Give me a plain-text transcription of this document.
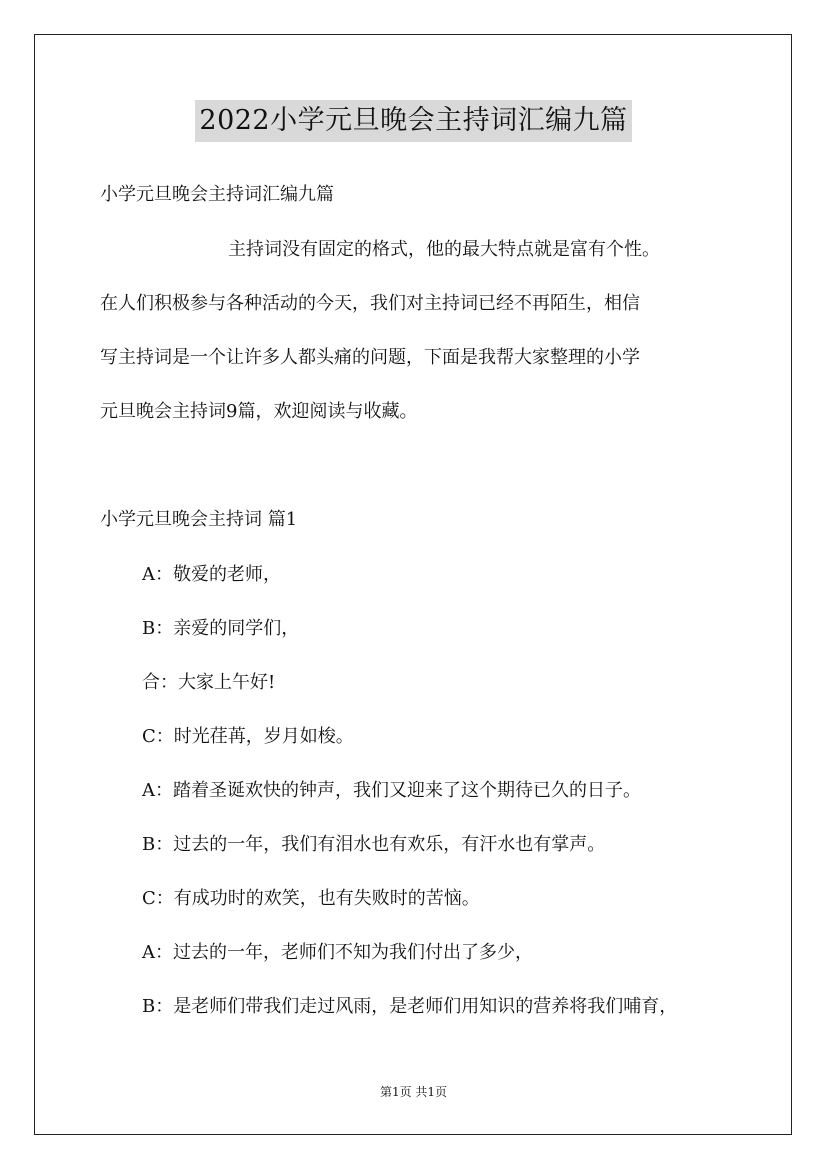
2022小学元旦晚会主持词汇编九篇
小学元旦晚会主持词汇编九篇
主持词没有固定的格式，他的最大特点就是富有个性。
在人们积极参与各种活动的今天，我们对主持词已经不再陌生，相信
写主持词是一个让许多人都头痛的问题，下面是我帮大家整理的小学
元旦晚会主持词9篇，欢迎阅读与收藏。
小学元旦晚会主持词 篇1
A：敬爱的老师，
B：亲爱的同学们，
合：大家上午好!
C：时光荏苒，岁月如梭。
A：踏着圣诞欢快的钟声，我们又迎来了这个期待已久的日子。
B：过去的一年，我们有泪水也有欢乐，有汗水也有掌声。
C：有成功时的欢笑，也有失败时的苦恼。
A：过去的一年，老师们不知为我们付出了多少，
B：是老师们带我们走过风雨，是老师们用知识的营养将我们哺育，
第1页 共1页
